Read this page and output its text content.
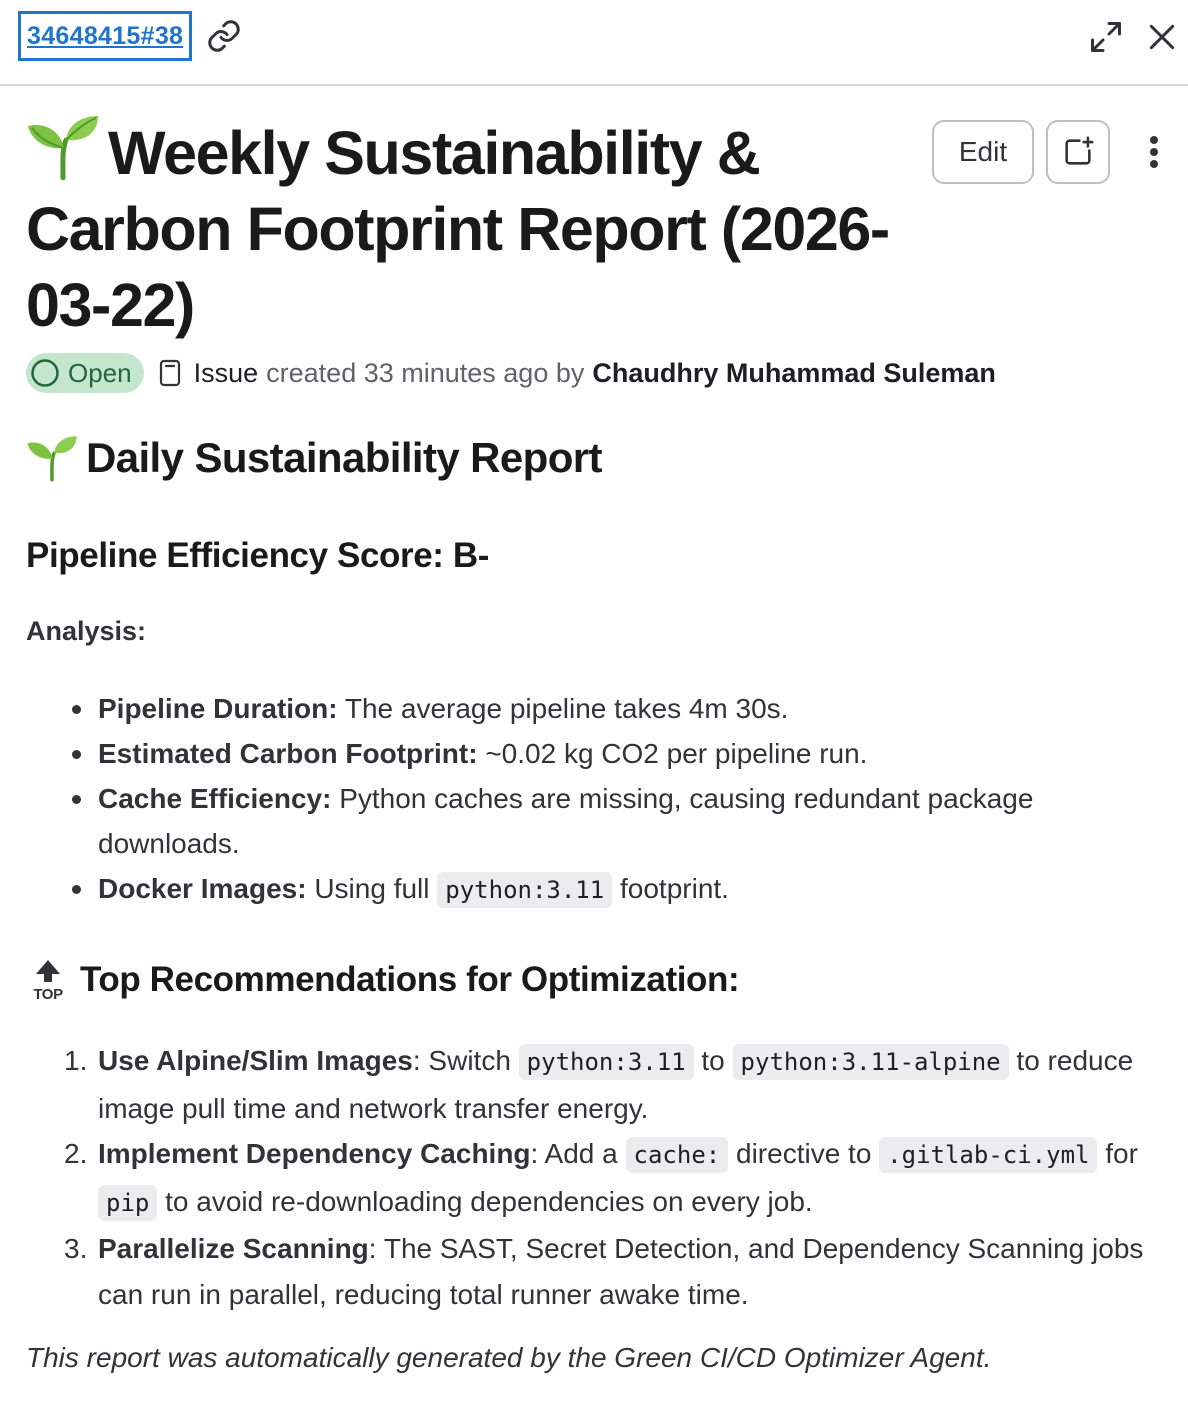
34648415#38
Weekly Sustainability & Carbon Footprint Report (2026-03-22)
Edit
Open Issue created 33 minutes ago by Chaudhry Muhammad Suleman
Daily Sustainability Report
Pipeline Efficiency Score: B-

Analysis:

Pipeline Duration: The average pipeline takes 4m 30s.
Estimated Carbon Footprint: ~0.02 kg CO2 per pipeline run.
Cache Efficiency: Python caches are missing, causing redundant package downloads.
Docker Images: Using full python:3.11 footprint.
TOP Top Recommendations for Optimization:
1. Use Alpine/Slim Images: Switch python:3.11 to python:3.11-alpine to reduce image pull time and network transfer energy.
2. Implement Dependency Caching: Add a cache: directive to .gitlab-ci.yml for pip to avoid re-downloading dependencies on every job.
3. Parallelize Scanning: The SAST, Secret Detection, and Dependency Scanning jobs can run in parallel, reducing total runner awake time.

This report was automatically generated by the Green CI/CD Optimizer Agent.
